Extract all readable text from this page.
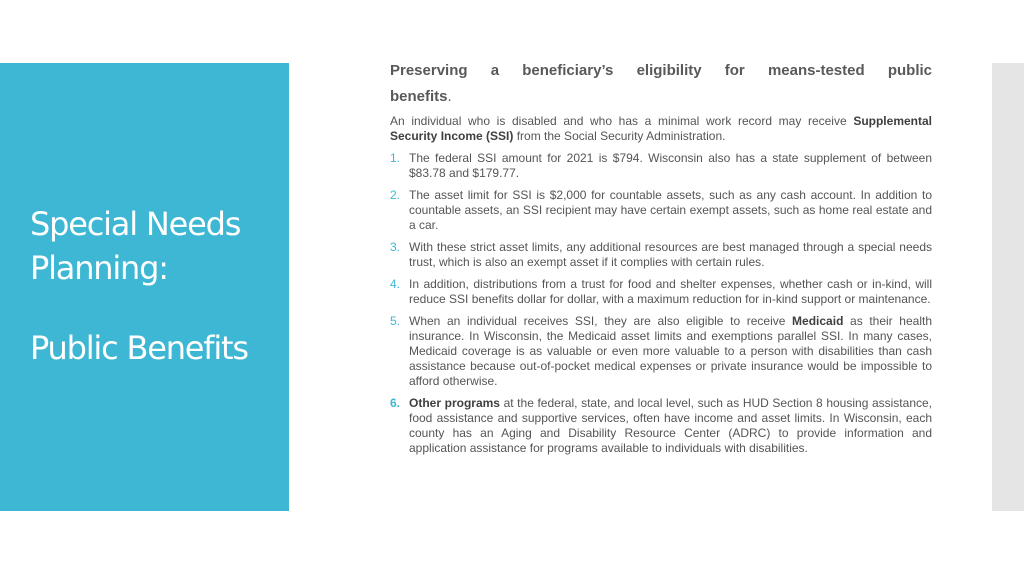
Special Needs
Planning:
Public Benefits

Preserving a beneficiary’s eligibility for means-tested public

benefits.

An individual who is disabled and who has a minimal work record may receive Supplemental Security Income (SSI) from the Social Security Administration.

1. The federal SSI amount for 2021 is $794. Wisconsin also has a state supplement of between $83.78 and $179.77.
2. The asset limit for SSI is $2,000 for countable assets, such as any cash account. In addition to countable assets, an SSI recipient may have certain exempt assets, such as home real estate and a car.
3. With these strict asset limits, any additional resources are best managed through a special needs trust, which is also an exempt asset if it complies with certain rules.
4. In addition, distributions from a trust for food and shelter expenses, whether cash or in-kind, will reduce SSI benefits dollar for dollar, with a maximum reduction for in-kind support or maintenance.
5. When an individual receives SSI, they are also eligible to receive Medicaid as their health insurance. In Wisconsin, the Medicaid asset limits and exemptions parallel SSI. In many cases, Medicaid coverage is as valuable or even more valuable to a person with disabilities than cash assistance because out-of-pocket medical expenses or private insurance would be impossible to afford otherwise.
6. Other programs at the federal, state, and local level, such as HUD Section 8 housing assistance, food assistance and supportive services, often have income and asset limits. In Wisconsin, each county has an Aging and Disability Resource Center (ADRC) to provide information and application assistance for programs available to individuals with disabilities.
